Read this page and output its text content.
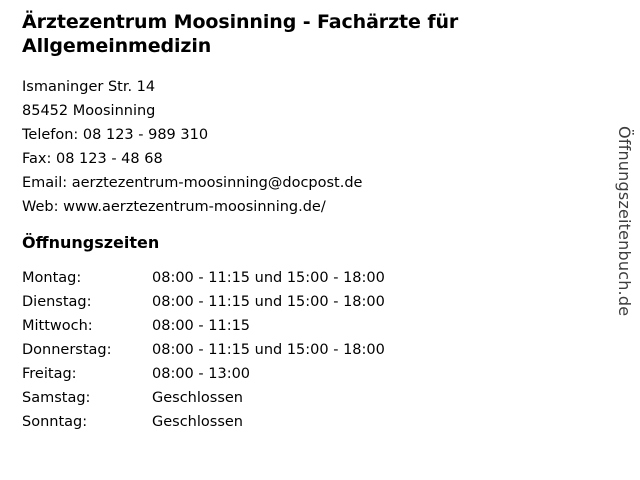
Ärztezentrum Moosinning - Fachärzte für Allgemeinmedizin
Ismaninger Str. 14
85452 Moosinning
Telefon: 08 123 - 989 310
Fax: 08 123 - 48 68
Email: aerztezentrum-moosinning@docpost.de
Web: www.aerztezentrum-moosinning.de/
Öffnungszeiten
Montag:	08:00 - 11:15 und 15:00 - 18:00
Dienstag:	08:00 - 11:15 und 15:00 - 18:00
Mittwoch:	08:00 - 11:15
Donnerstag:	08:00 - 11:15 und 15:00 - 18:00
Freitag:	08:00 - 13:00
Samstag:	Geschlossen
Sonntag:	Geschlossen
Öffnungszeitenbuch.de
